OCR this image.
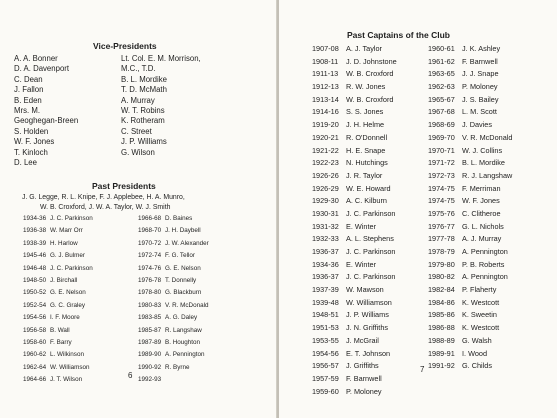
Vice-Presidents
A. A. Bonner
D. A. Davenport
C. Dean
J. Fallon
B. Eden
Mrs. M.
Geoghegan-Breen
S. Holden
W. F. Jones
T. Kinloch
D. Lee
Lt. Col. E. M. Morrison,
M.C., T.D.
B. L. Mordike
T. D. McMath
A. Murray
W. T. Robins
K. Rotheram
C. Street
J. P. Williams
G. Wilson
Past Presidents
J. G. Legge, R. L. Knipe, F. J. Applebee, H. A. Munro,
W. B. Croxford, J. W. A. Taylor, W. J. Smith
1934-36 J. C. Parkinson
1936-38 W. Marr Orr
1938-39 H. Harlow
1945-46 G. J. Bulmer
1946-48 J. C. Parkinson
1948-50 J. Birchall
1950-52 G. E. Nelson
1952-54 G. C. Graley
1954-56 I. F. Moore
1956-58 B. Wall
1958-60 F. Barry
1960-62 L. Wilkinson
1962-64 W. Williamson
1964-66 J. T. Wilson
1966-68 D. Baines
1968-70 J. H. Daybell
1970-72 J. W. Alexander
1972-74 F. G. Tellor
1974-76 G. E. Nelson
1976-78 T. Donnelly
1978-80 G. Blackburn
1980-83 V. R. McDonald
1983-85 A. G. Daley
1985-87 R. Langshaw
1987-89 B. Houghton
1989-90 A. Pennington
1990-92 R. Byrne
1992-93
6
Past Captains of the Club
1907-08 A. J. Taylor
1908-11 J. D. Johnstone
1911-13 W. B. Croxford
1912-13 R. W. Jones
1913-14 W. B. Croxford
1914-16 S. S. Jones
1919-20 J. H. Helme
1920-21 R. O'Donnell
1921-22 H. E. Snape
1922-23 N. Hutchings
1926-26 J. R. Taylor
1926-29 W. E. Howard
1929-30 A. C. Kilburn
1930-31 J. C. Parkinson
1931-32 E. Winter
1932-33 A. L. Stephens
1936-37 J. C. Parkinson
1934-36 E. Winter
1936-37 J. C. Parkinson
1937-39 W. Mawson
1939-48 W. Williamson
1948-51 J. P. Williams
1951-53 J. N. Griffiths
1953-55 J. McGrail
1954-56 E. T. Johnson
1956-57 J. Griffiths
1957-59 F. Barnwell
1959-60 P. Moloney
1960-61 J. K. Ashley
1961-62 F. Barnwell
1963-65 J. J. Snape
1962-63 P. Moloney
1965-67 J. S. Bailey
1967-68 L. M. Scott
1968-69 J. Davies
1969-70 V. R. McDonald
1970-71 W. J. Collins
1971-72 B. L. Mordike
1972-73 R. J. Langshaw
1974-75 F. Merriman
1974-75 W. F. Jones
1975-76 C. Clitheroe
1976-77 G. L. Nichols
1977-78 A. J. Murray
1978-79 A. Pennington
1979-80 P. B. Roberts
1980-82 A. Pennington
1982-84 P. Flaherty
1984-86 K. Westcott
1985-86 K. Sweetin
1986-88 K. Westcott
1988-89 G. Walsh
1989-91 I. Wood
1991-92 G. Childs
7
